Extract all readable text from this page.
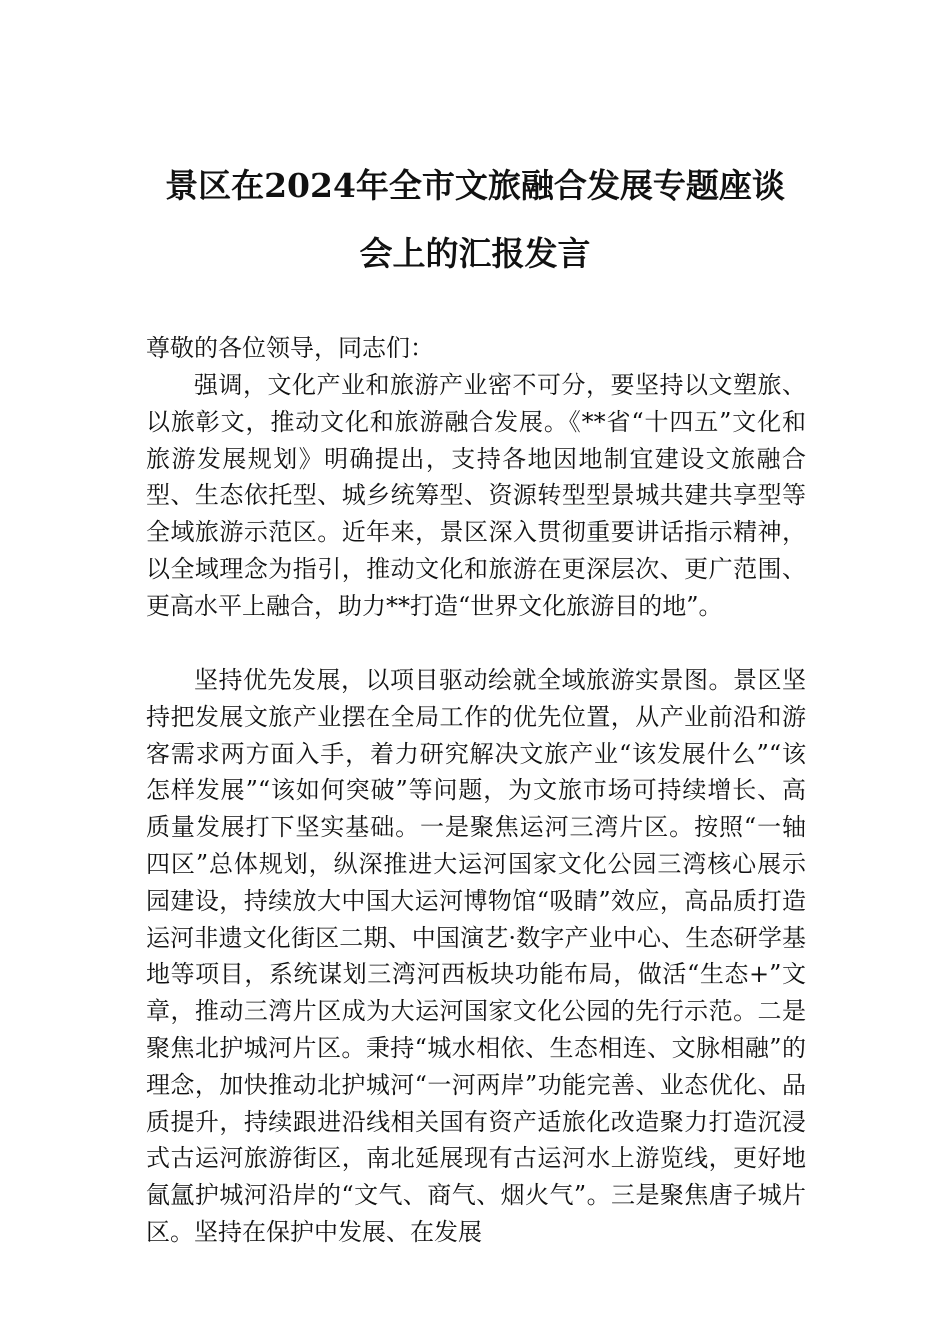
景区在2024年全市文旅融合发展专题座谈
会上的汇报发言

尊敬的各位领导，同志们：

强调，文化产业和旅游产业密不可分，要坚持以文塑旅、以旅彰文，推动文化和旅游融合发展。《**省“十四五”文化和旅游发展规划》明确提出，支持各地因地制宜建设文旅融合型、生态依托型、城乡统筹型、资源转型型景城共建共享型等全域旅游示范区。近年来，景区深入贯彻重要讲话指示精神，以全域理念为指引，推动文化和旅游在更深层次、更广范围、更高水平上融合，助力**打造“世界文化旅游目的地”。

坚持优先发展，以项目驱动绘就全域旅游实景图。景区坚持把发展文旅产业摆在全局工作的优先位置，从产业前沿和游客需求两方面入手，着力研究解决文旅产业“该发展什么”“该怎样发展”“该如何突破”等问题，为文旅市场可持续增长、高质量发展打下坚实基础。一是聚焦运河三湾片区。按照“一轴四区”总体规划，纵深推进大运河国家文化公园三湾核心展示园建设，持续放大中国大运河博物馆“吸睛”效应，高品质打造运河非遗文化街区二期、中国演艺·数字产业中心、生态研学基地等项目，系统谋划三湾河西板块功能布局，做活“生态+”文章，推动三湾片区成为大运河国家文化公园的先行示范。二是聚焦北护城河片区。秉持“城水相依、生态相连、文脉相融”的理念，加快推动北护城河“一河两岸”功能完善、业态优化、品质提升，持续跟进沿线相关国有资产适旅化改造聚力打造沉浸式古运河旅游街区，南北延展现有古运河水上游览线，更好地氤氲护城河沿岸的“文气、商气、烟火气”。三是聚焦唐子城片区。坚持在保护中发展、在发展
